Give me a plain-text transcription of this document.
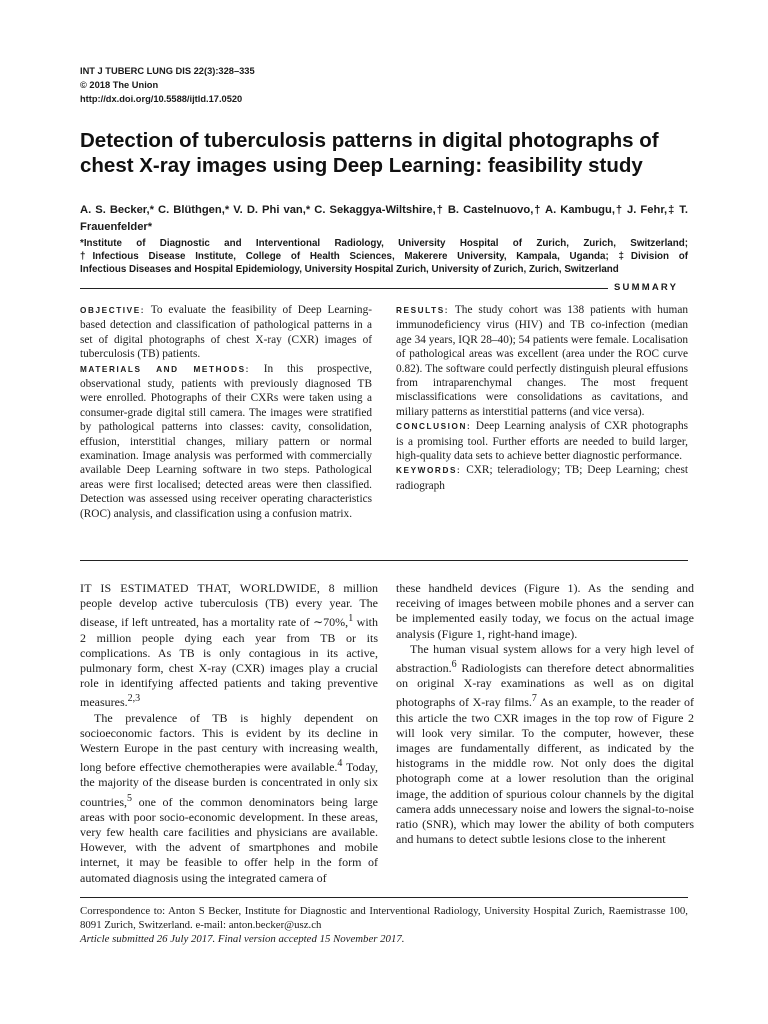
INT J TUBERC LUNG DIS 22(3):328–335
© 2018 The Union
http://dx.doi.org/10.5588/ijtld.17.0520
Detection of tuberculosis patterns in digital photographs of chest X-ray images using Deep Learning: feasibility study
A. S. Becker,* C. Blüthgen,* V. D. Phi van,* C. Sekaggya-Wiltshire,† B. Castelnuovo,† A. Kambugu,† J. Fehr,‡ T. Frauenfelder*
*Institute of Diagnostic and Interventional Radiology, University Hospital of Zurich, Zurich, Switzerland;
†Infectious Disease Institute, College of Health Sciences, Makerere University, Kampala, Uganda; ‡Division of
Infectious Diseases and Hospital Epidemiology, University Hospital Zurich, University of Zurich, Zurich, Switzerland
SUMMARY

OBJECTIVE: To evaluate the feasibility of Deep Learning-based detection and classification of pathological patterns in a set of digital photographs of chest X-ray (CXR) images of tuberculosis (TB) patients.

MATERIALS AND METHODS: In this prospective, observational study, patients with previously diagnosed TB were enrolled. Photographs of their CXRs were taken using a consumer-grade digital still camera. The images were stratified by pathological patterns into classes: cavity, consolidation, effusion, interstitial changes, miliary pattern or normal examination. Image analysis was performed with commercially available Deep Learning software in two steps. Pathological areas were first localised; detected areas were then classified. Detection was assessed using receiver operating characteristics (ROC) analysis, and classification using a confusion matrix.

RESULTS: The study cohort was 138 patients with human immunodeficiency virus (HIV) and TB co-infection (median age 34 years, IQR 28–40); 54 patients were female. Localisation of pathological areas was excellent (area under the ROC curve 0.82). The software could perfectly distinguish pleural effusions from intraparenchymal changes. The most frequent misclassifications were consolidations as cavitations, and miliary patterns as interstitial patterns (and vice versa).

CONCLUSION: Deep Learning analysis of CXR photographs is a promising tool. Further efforts are needed to build larger, high-quality data sets to achieve better diagnostic performance.

KEYWORDS: CXR; teleradiology; TB; Deep Learning; chest radiograph

IT IS ESTIMATED THAT, WORLDWIDE, 8 million people develop active tuberculosis (TB) every year. The disease, if left untreated, has a mortality rate of ∼70%,$^1$ with 2 million people dying each year from TB or its complications. As TB is only contagious in its active, pulmonary form, chest X-ray (CXR) images play a crucial role in identifying affected patients and taking preventive measures.$^{2,3}$

The prevalence of TB is highly dependent on socioeconomic factors. This is evident by its decline in Western Europe in the past century with increasing wealth, long before effective chemotherapies were available.$^4$ Today, the majority of the disease burden is concentrated in only six countries,$^5$ one of the common denominators being large areas with poor socio-economic development. In these areas, very few health care facilities and physicians are available. However, with the advent of smartphones and mobile internet, it may be feasible to offer help in the form of automated diagnosis using the integrated camera of

these handheld devices (Figure 1). As the sending and receiving of images between mobile phones and a server can be implemented easily today, we focus on the actual image analysis (Figure 1, right-hand image).

The human visual system allows for a very high level of abstraction.$^6$ Radiologists can therefore detect abnormalities on original X-ray examinations as well as on digital photographs of X-ray films.$^7$ As an example, to the reader of this article the two CXR images in the top row of Figure 2 will look very similar. To the computer, however, these images are fundamentally different, as indicated by the histograms in the middle row. Not only does the digital photograph come at a lower resolution than the original image, the addition of spurious colour channels by the digital camera adds unnecessary noise and lowers the signal-to-noise ratio (SNR), which may lower the ability of both computers and humans to detect subtle lesions close to the inherent

Correspondence to: Anton S Becker, Institute for Diagnostic and Interventional Radiology, University Hospital Zurich, Raemistrasse 100, 8091 Zurich, Switzerland. e-mail: anton.becker@usz.ch

Article submitted 26 July 2017. Final version accepted 15 November 2017.
